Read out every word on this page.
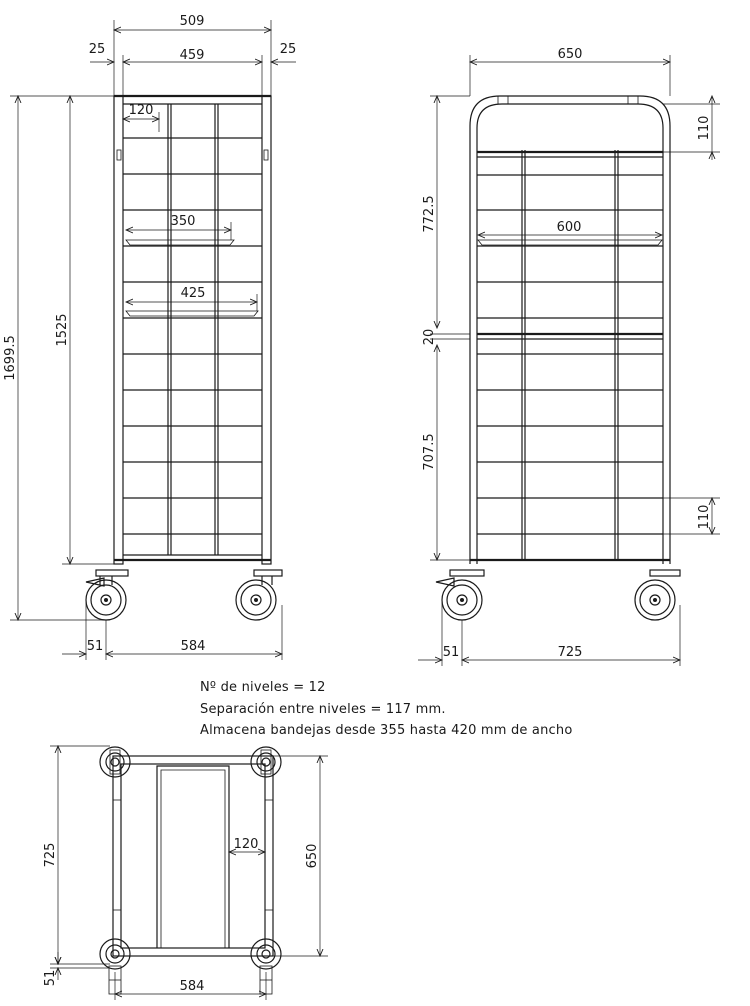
509
25	459	25
120
350
425
1699.5
1525
51	584
650
110
772.5	600
20
707.5
110
51	725
725	650
120
51
584
Nº de niveles = 12
Separación entre niveles = 117 mm.
Almacena bandejas desde 355 hasta 420 mm de ancho
